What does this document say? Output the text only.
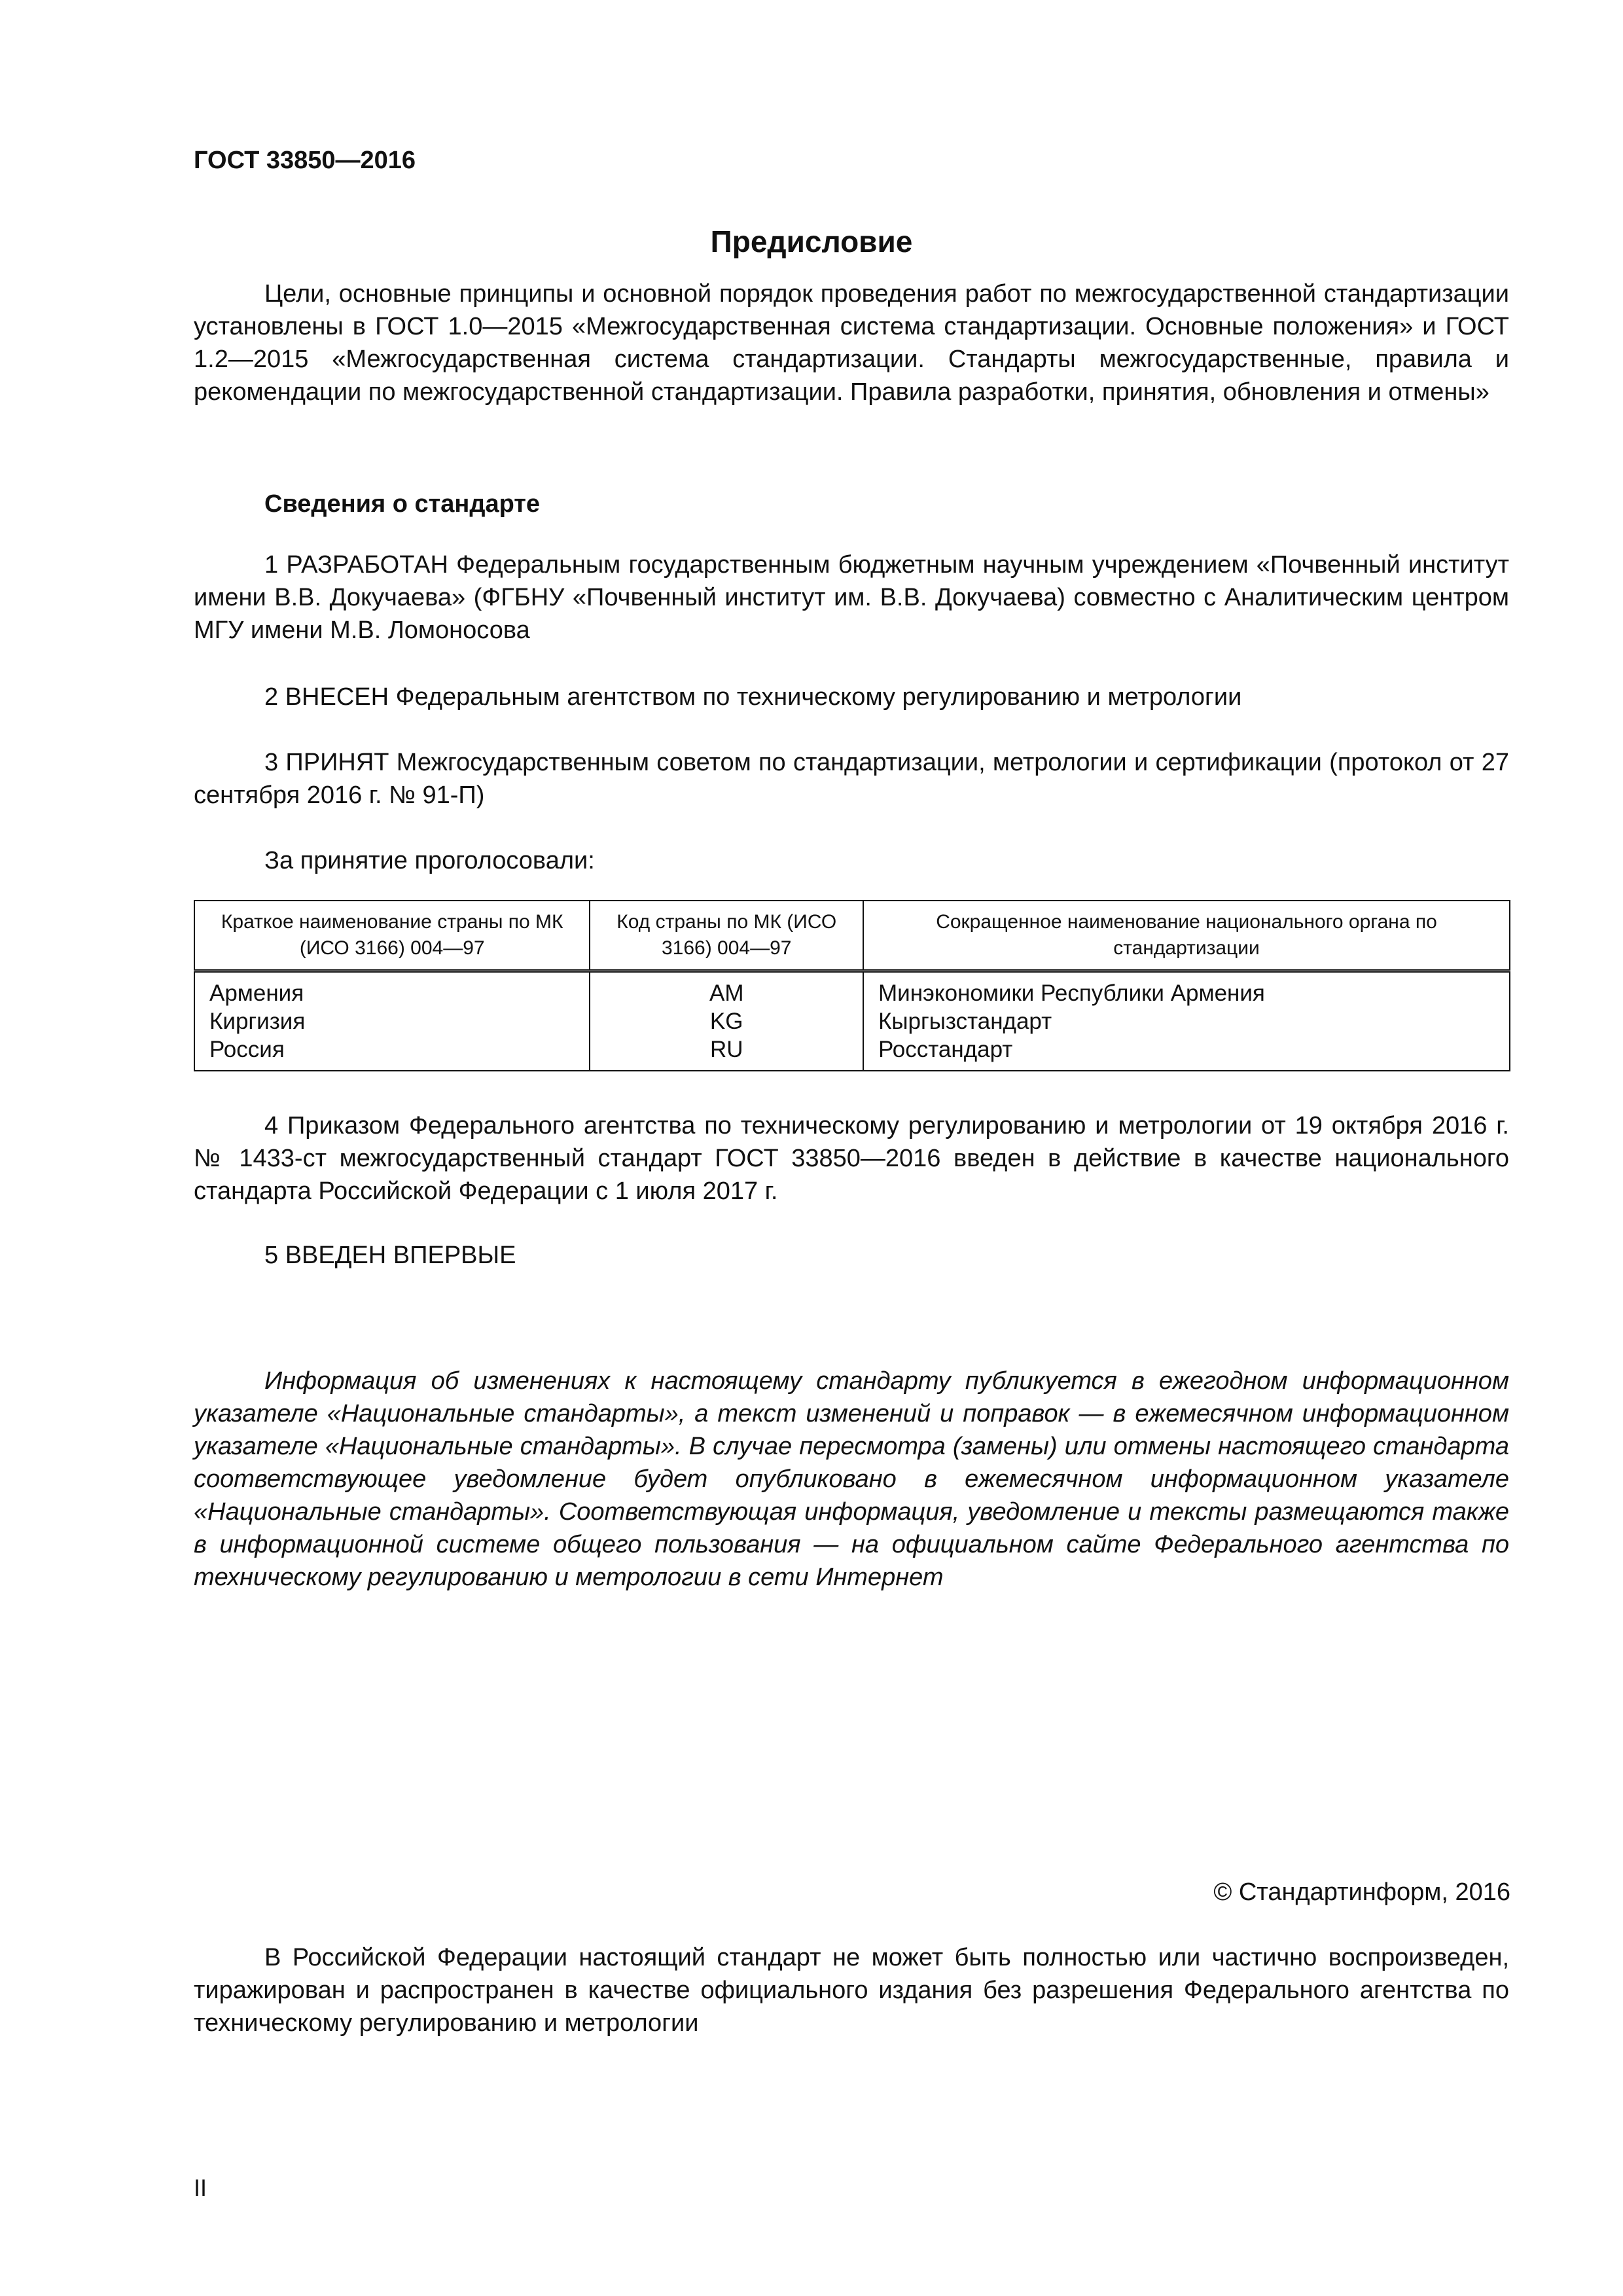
ГОСТ 33850—2016
Предисловие

Цели, основные принципы и основной порядок проведения работ по межгосударственной стандартизации установлены в ГОСТ 1.0—2015 «Межгосударственная система стандартизации. Основные положения» и ГОСТ 1.2—2015 «Межгосударственная система стандартизации. Стандарты межгосударственные, правила и рекомендации по межгосударственной стандартизации. Правила разработки, принятия, обновления и отмены»

Сведения о стандарте

1 РАЗРАБОТАН Федеральным государственным бюджетным научным учреждением «Почвенный институт имени В.В. Докучаева» (ФГБНУ «Почвенный институт им. В.В. Докучаева) совместно с Аналитическим центром МГУ имени М.В. Ломоносова

2 ВНЕСЕН Федеральным агентством по техническому регулированию и метрологии

3 ПРИНЯТ Межгосударственным советом по стандартизации, метрологии и сертификации (протокол от 27 сентября 2016 г. № 91-П)

За принятие проголосовали:

Краткое наименование страны по МК (ИСО 3166) 004—97	Код страны по МК (ИСО 3166) 004—97	Сокращенное наименование национального органа по стандартизации
Армения	AM	Минэкономики Республики Армения
Киргизия	KG	Кыргызстандарт
Россия	RU	Росстандарт

4 Приказом Федерального агентства по техническому регулированию и метрологии от 19 октября 2016 г. № 1433-ст межгосударственный стандарт ГОСТ 33850—2016 введен в действие в качестве национального стандарта Российской Федерации с 1 июля 2017 г.

5 ВВЕДЕН ВПЕРВЫЕ

Информация об изменениях к настоящему стандарту публикуется в ежегодном информационном указателе «Национальные стандарты», а текст изменений и поправок — в ежемесячном информационном указателе «Национальные стандарты». В случае пересмотра (замены) или отмены настоящего стандарта соответствующее уведомление будет опубликовано в ежемесячном информационном указателе «Национальные стандарты». Соответствующая информация, уведомление и тексты размещаются также в информационной системе общего пользования — на официальном сайте Федерального агентства по техническому регулированию и метрологии в сети Интернет

© Стандартинформ, 2016

В Российской Федерации настоящий стандарт не может быть полностью или частично воспроизведен, тиражирован и распространен в качестве официального издания без разрешения Федерального агентства по техническому регулированию и метрологии

II
